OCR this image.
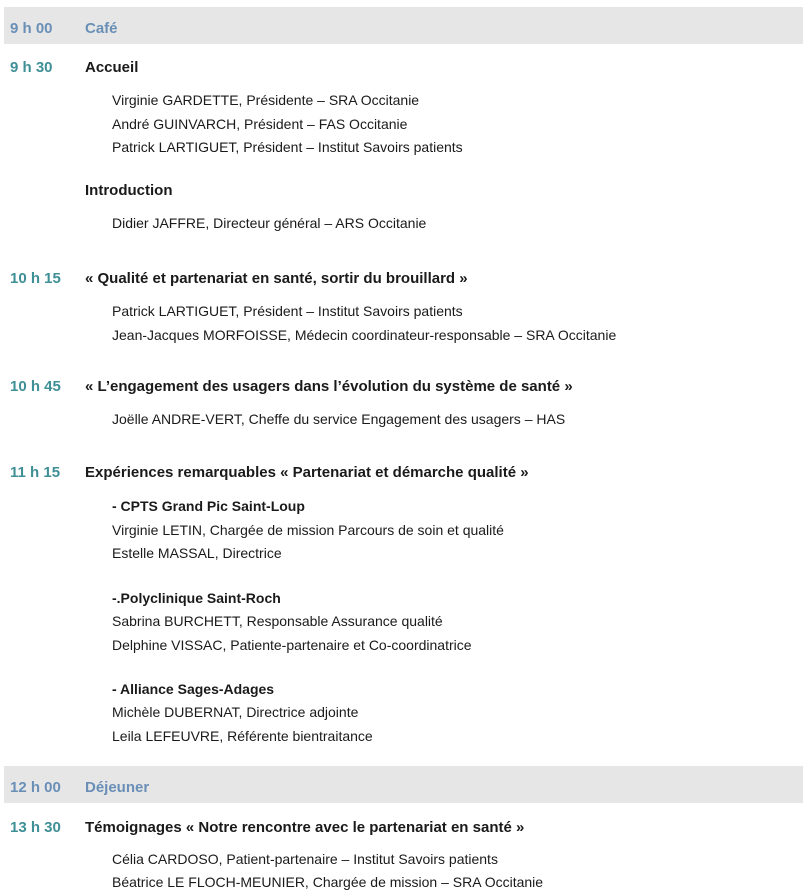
9 h 00 Café
9 h 30 Accueil
Virginie GARDETTE, Présidente – SRA Occitanie
André GUINVARCH, Président – FAS Occitanie
Patrick LARTIGUET, Président – Institut Savoirs patients
Introduction
Didier JAFFRE, Directeur général – ARS Occitanie
10 h 15 « Qualité et partenariat en santé, sortir du brouillard »
Patrick LARTIGUET, Président – Institut Savoirs patients
Jean-Jacques MORFOISSE, Médecin coordinateur-responsable – SRA Occitanie
10 h 45 « L’engagement des usagers dans l’évolution du système de santé »
Joëlle ANDRE-VERT, Cheffe du service Engagement des usagers – HAS
11 h 15 Expériences remarquables « Partenariat et démarche qualité »
- CPTS Grand Pic Saint-Loup
Virginie LETIN, Chargée de mission Parcours de soin et qualité
Estelle MASSAL, Directrice
-.Polyclinique Saint-Roch
Sabrina BURCHETT, Responsable Assurance qualité
Delphine VISSAC, Patiente-partenaire et Co-coordinatrice
- Alliance Sages-Adages
Michèle DUBERNAT, Directrice adjointe
Leila LEFEUVRE, Référente bientraitance
12 h 00 Déjeuner
13 h 30 Témoignages « Notre rencontre avec le partenariat en santé »
Célia CARDOSO, Patient-partenaire – Institut Savoirs patients
Béatrice LE FLOCH-MEUNIER, Chargée de mission – SRA Occitanie
